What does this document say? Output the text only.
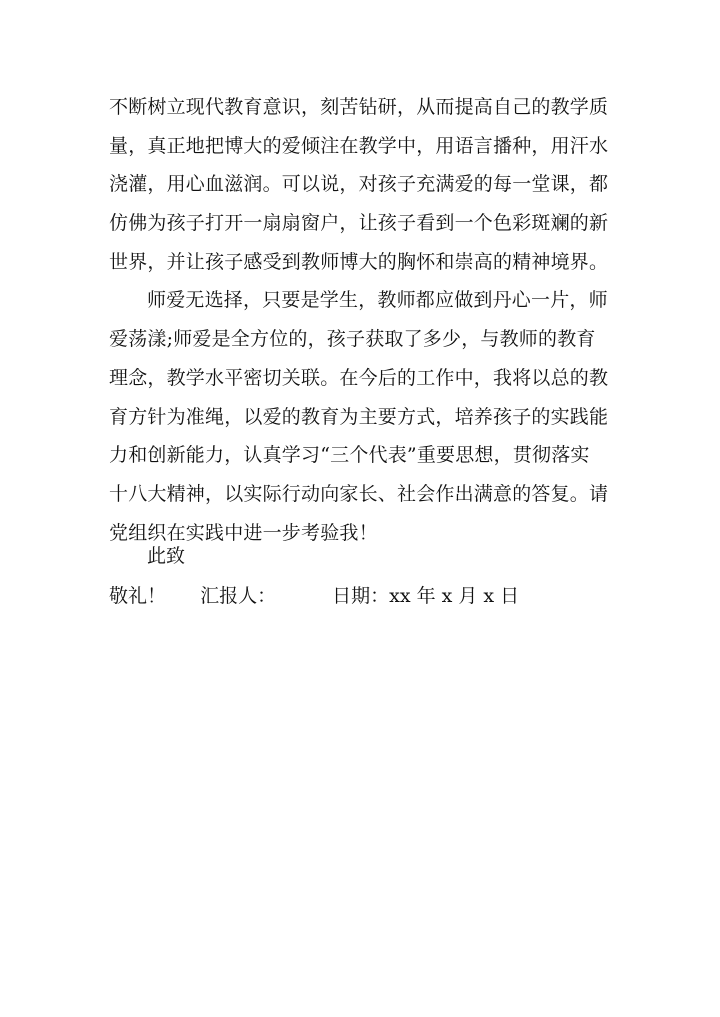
不断树立现代教育意识，刻苦钻研，从而提高自己的教学质
量，真正地把博大的爱倾注在教学中，用语言播种，用汗水
浇灌，用心血滋润。可以说，对孩子充满爱的每一堂课，都
仿佛为孩子打开一扇扇窗户，让孩子看到一个色彩斑斓的新
世界，并让孩子感受到教师博大的胸怀和崇高的精神境界。
师爱无选择，只要是学生，教师都应做到丹心一片，师
爱荡漾;师爱是全方位的，孩子获取了多少，与教师的教育
理念，教学水平密切关联。在今后的工作中，我将以总的教
育方针为准绳，以爱的教育为主要方式，培养孩子的实践能
力和创新能力，认真学习“三个代表”重要思想，贯彻落实
十八大精神，以实际行动向家长、社会作出满意的答复。请
党组织在实践中进一步考验我！
此致
敬礼！ 汇报人：	日期：xx 年 x 月 x 日
